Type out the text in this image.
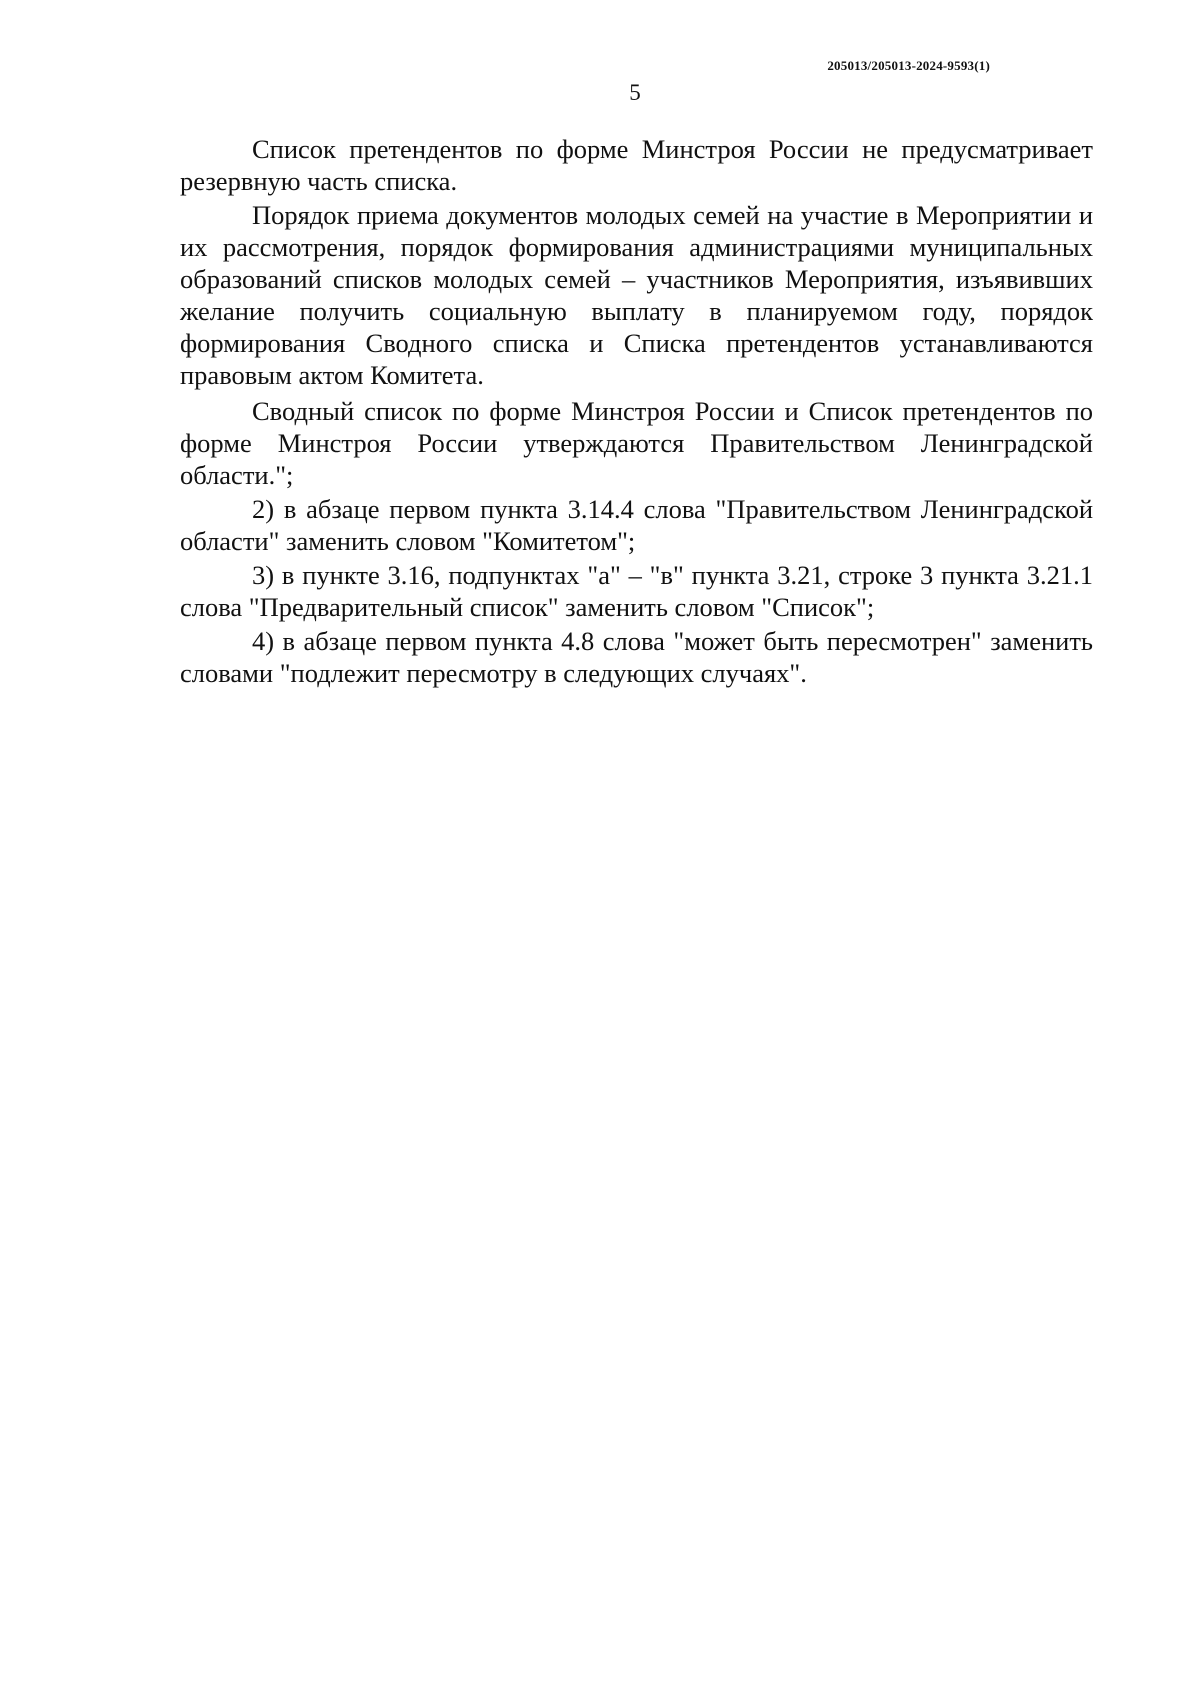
205013/205013-2024-9593(1)
5

Список претендентов по форме Минстроя России не предусматривает резервную часть списка.

Порядок приема документов молодых семей на участие в Мероприятии и их рассмотрения, порядок формирования администрациями муниципальных образований списков молодых семей – участников Мероприятия, изъявивших желание получить социальную выплату в планируемом году, порядок формирования Сводного списка и Списка претендентов устанавливаются правовым актом Комитета.

Сводный список по форме Минстроя России и Список претендентов по форме Минстроя России утверждаются Правительством Ленинградской области.";

2) в абзаце первом пункта 3.14.4 слова "Правительством Ленинградской области" заменить словом "Комитетом";

3) в пункте 3.16, подпунктах "а" – "в" пункта 3.21, строке 3 пункта 3.21.1 слова "Предварительный список" заменить словом "Список";

4) в абзаце первом пункта 4.8 слова "может быть пересмотрен" заменить словами "подлежит пересмотру в следующих случаях".
